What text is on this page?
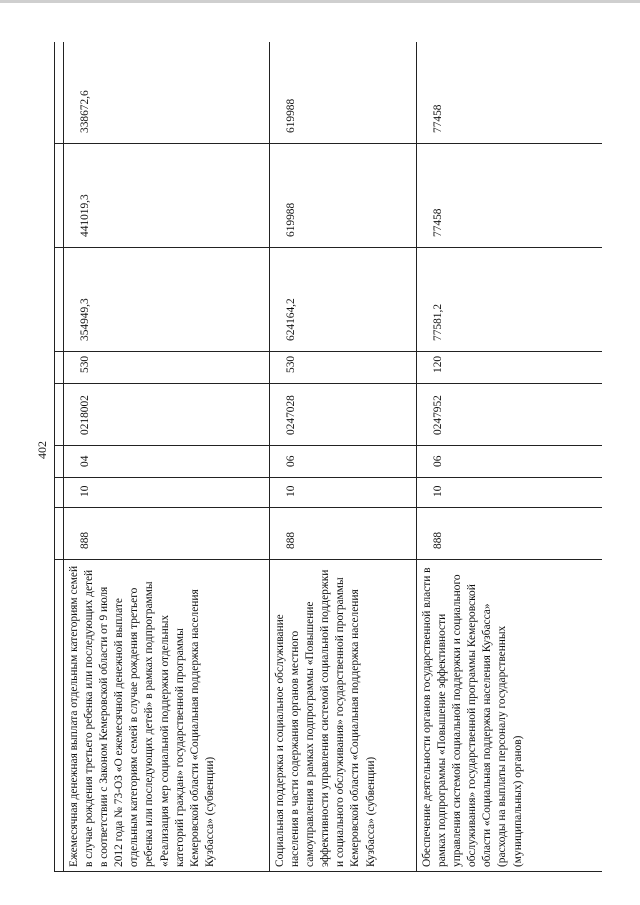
402

Ежемесячная денежная выплата отдельным категориям семей в случае рождения третьего ребенка или последующих детей в соответствии с Законом Кемеровской области от 9 июля 2012 года № 73-ОЗ «О ежемесячной денежной выплате отдельным категориям семей в случае рождения третьего ребенка или последующих детей» в рамках подпрограммы «Реализация мер социальной поддержки отдельных категорий граждан» государственной программы Кемеровской области «Социальная поддержка населения Кузбасса» (субвенции)	888	10	04	0218002	530	354949,3	441019,3	338672,6
Социальная поддержка и социальное обслуживание населения в части содержания органов местного самоуправления в рамках подпрограммы «Повышение эффективности управления системой социальной поддержки и социального обслуживания» государственной программы Кемеровской области «Социальная поддержка населения Кузбасса» (субвенции)	888	10	06	0247028	530	624164,2	619988	619988
Обеспечение деятельности органов государственной власти в рамках подпрограммы «Повышение эффективности управления системой социальной поддержки и социального обслуживания» государственной программы Кемеровской области «Социальная поддержка населения Кузбасса» (расходы на выплаты персоналу государственных (муниципальных) органов)	888	10	06	0247952	120	77581,2	77458	77458
